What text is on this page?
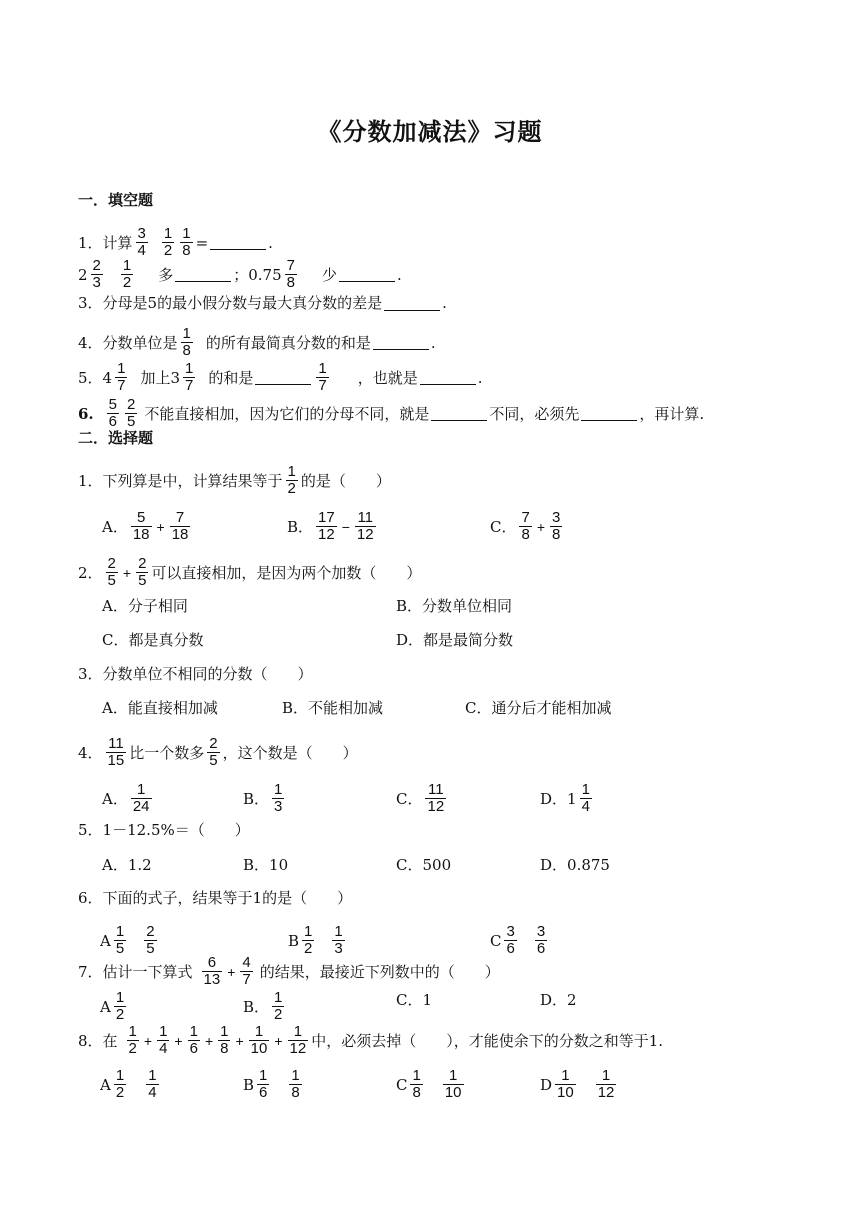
《分数加减法》习题
一．填空题
1．计算 $\frac{3}{4} \frac{1}{2} \frac{1}{8}$ =	.
$2 \frac{2}{3} \frac{1}{2}$ 多	；$0.75 \frac{7}{8}$ 少	.
3．分母是5的最小假分数与最大真分数的差是	.
4．分数单位是 $\frac{1}{8}$ 的所有最简真分数的和是	.
5．$4 \frac{1}{7}$ 加上$3 \frac{1}{7}$ 的和是	$\frac{1}{7}$ ，也就是	.
6. $\frac{5}{6} \frac{2}{5}$ 不能直接相加，因为它们的分母不同，就是	不同，必须先	，再计算.
二．选择题
1．下列算是中，计算结果等于 $\frac{1}{2}$ 的是（　　）
A． $\frac{5}{18} + \frac{7}{18}$	B． $\frac{17}{12} - \frac{11}{12}$	C． $\frac{7}{8} + \frac{3}{8}$
2． $\frac{2}{5} + \frac{2}{5}$ 可以直接相加，是因为两个加数（　　）
A．分子相同	B．分数单位相同
C．都是真分数	D．都是最简分数
3．分数单位不相同的分数（　　）
A．能直接相加减	B．不能相加减	C．通分后才能相加减
4． $\frac{11}{15}$ 比一个数多 $\frac{2}{5}$ ，这个数是（　　）
A． $\frac{1}{24}$	B． $\frac{1}{3}$	C． $\frac{11}{12}$	D．$1 \frac{1}{4}$
5．1－12.5%＝（　　）
A．1.2	B．10	C．500	D．0.875
6．下面的式子，结果等于1的是（　　）
A $\frac{1}{5} \frac{2}{5}$	B $\frac{1}{2} \frac{1}{3}$	C $\frac{3}{6} \frac{3}{6}$
7．估计一下算式 $\frac{6}{13} + \frac{4}{7}$ 的结果，最接近下列数中的（　　）
A $\frac{1}{2}$	B． $\frac{1}{2}$	C．1	D．2
8．在 $\frac{1}{2} + \frac{1}{4} + \frac{1}{6} + \frac{1}{8} + \frac{1}{10} + \frac{1}{12}$ 中，必须去掉（　　），才能使余下的分数之和等于1.
A $\frac{1}{2} \frac{1}{4}$	B $\frac{1}{6} \frac{1}{8}$	C $\frac{1}{8} \frac{1}{10}$	D $\frac{1}{10} \frac{1}{12}$
